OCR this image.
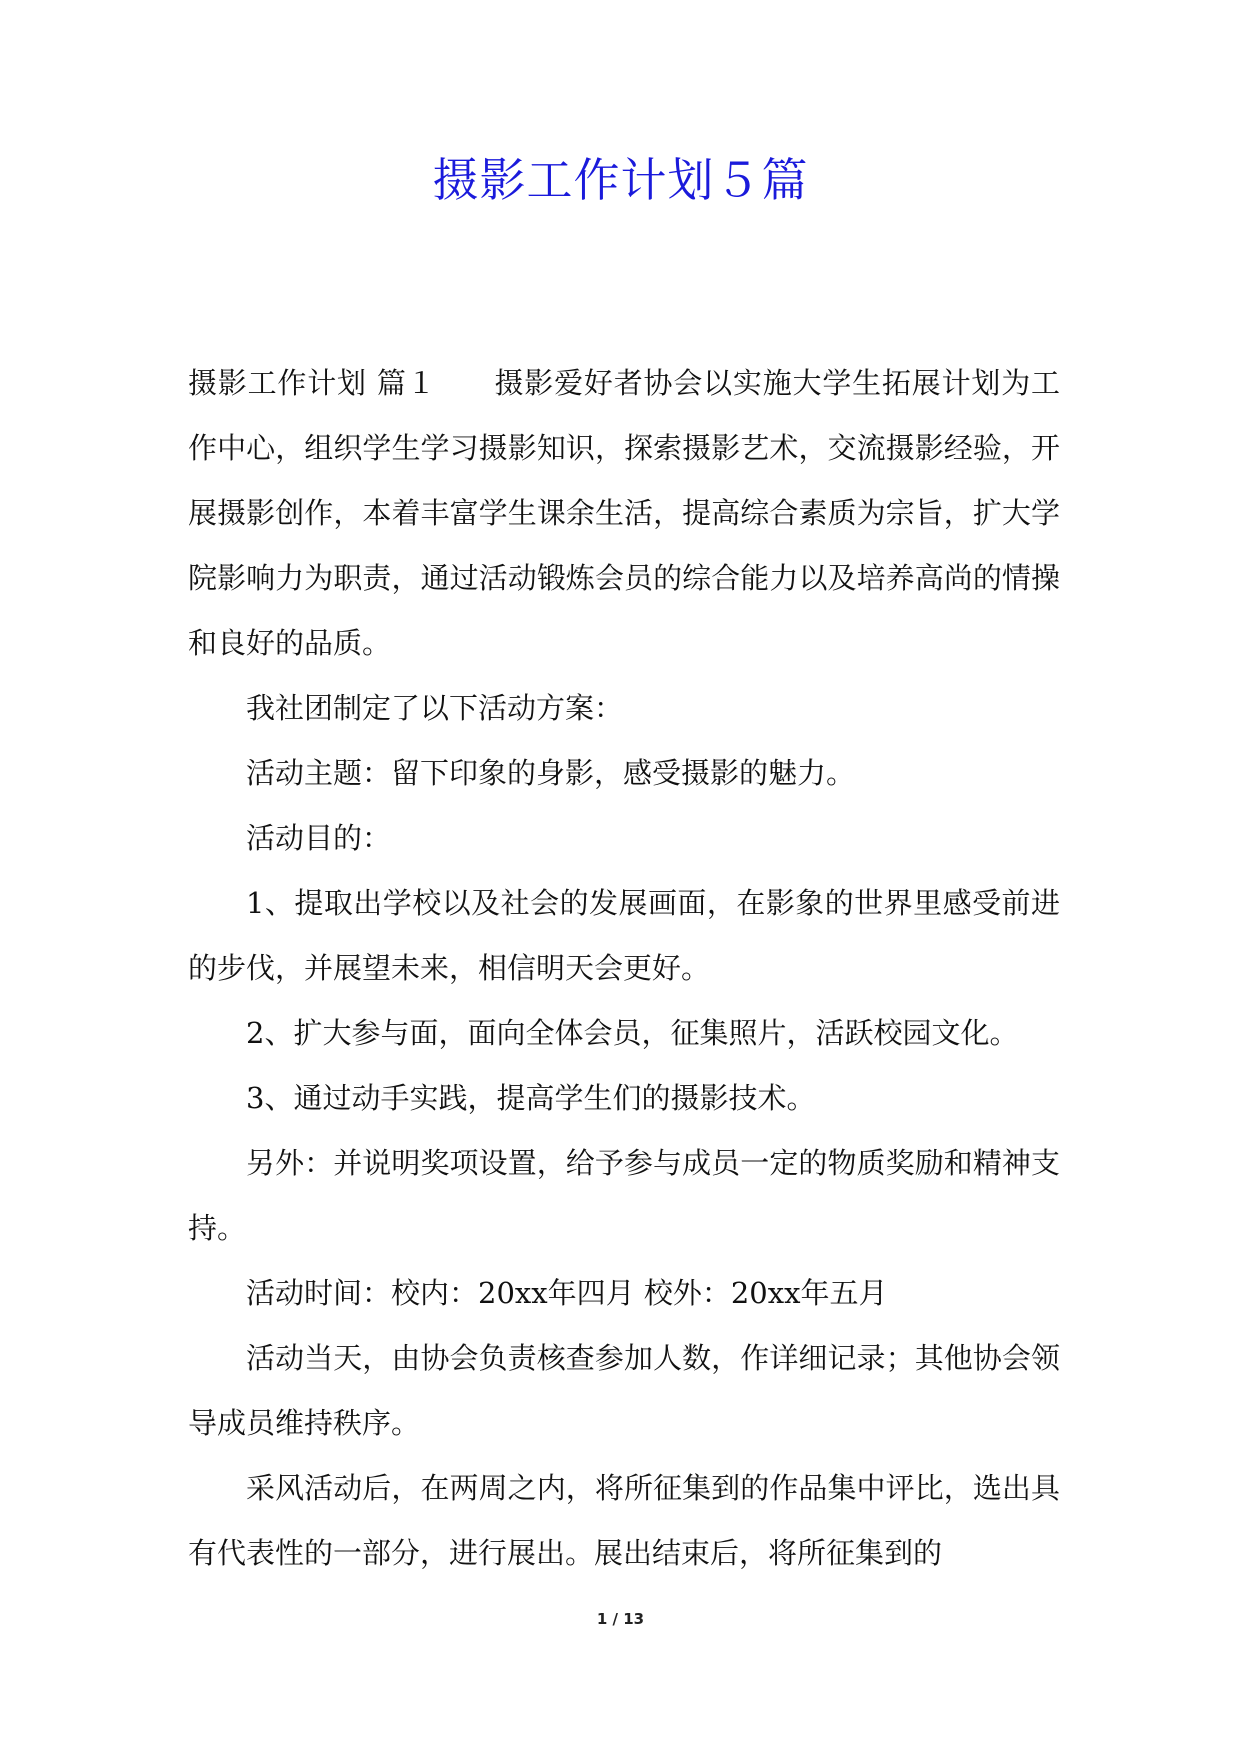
摄影工作计划５篇

摄影工作计划 篇１ 摄影爱好者协会以实施大学生拓展计划为工作中心，组织学生学习摄影知识，探索摄影艺术，交流摄影经验，开展摄影创作，本着丰富学生课余生活，提高综合素质为宗旨，扩大学院影响力为职责，通过活动锻炼会员的综合能力以及培养高尚的情操和良好的品质。

我社团制定了以下活动方案：

活动主题：留下印象的身影，感受摄影的魅力。

活动目的：

1、提取出学校以及社会的发展画面，在影象的世界里感受前进的步伐，并展望未来，相信明天会更好。

2、扩大参与面，面向全体会员，征集照片，活跃校园文化。

3、通过动手实践，提高学生们的摄影技术。

另外：并说明奖项设置，给予参与成员一定的物质奖励和精神支持。

活动时间：校内：20xx年四月 校外：20xx年五月

活动当天，由协会负责核查参加人数，作详细记录；其他协会领导成员维持秩序。

采风活动后，在两周之内，将所征集到的作品集中评比，选出具有代表性的一部分，进行展出。展出结束后，将所征集到的

1 / 13
